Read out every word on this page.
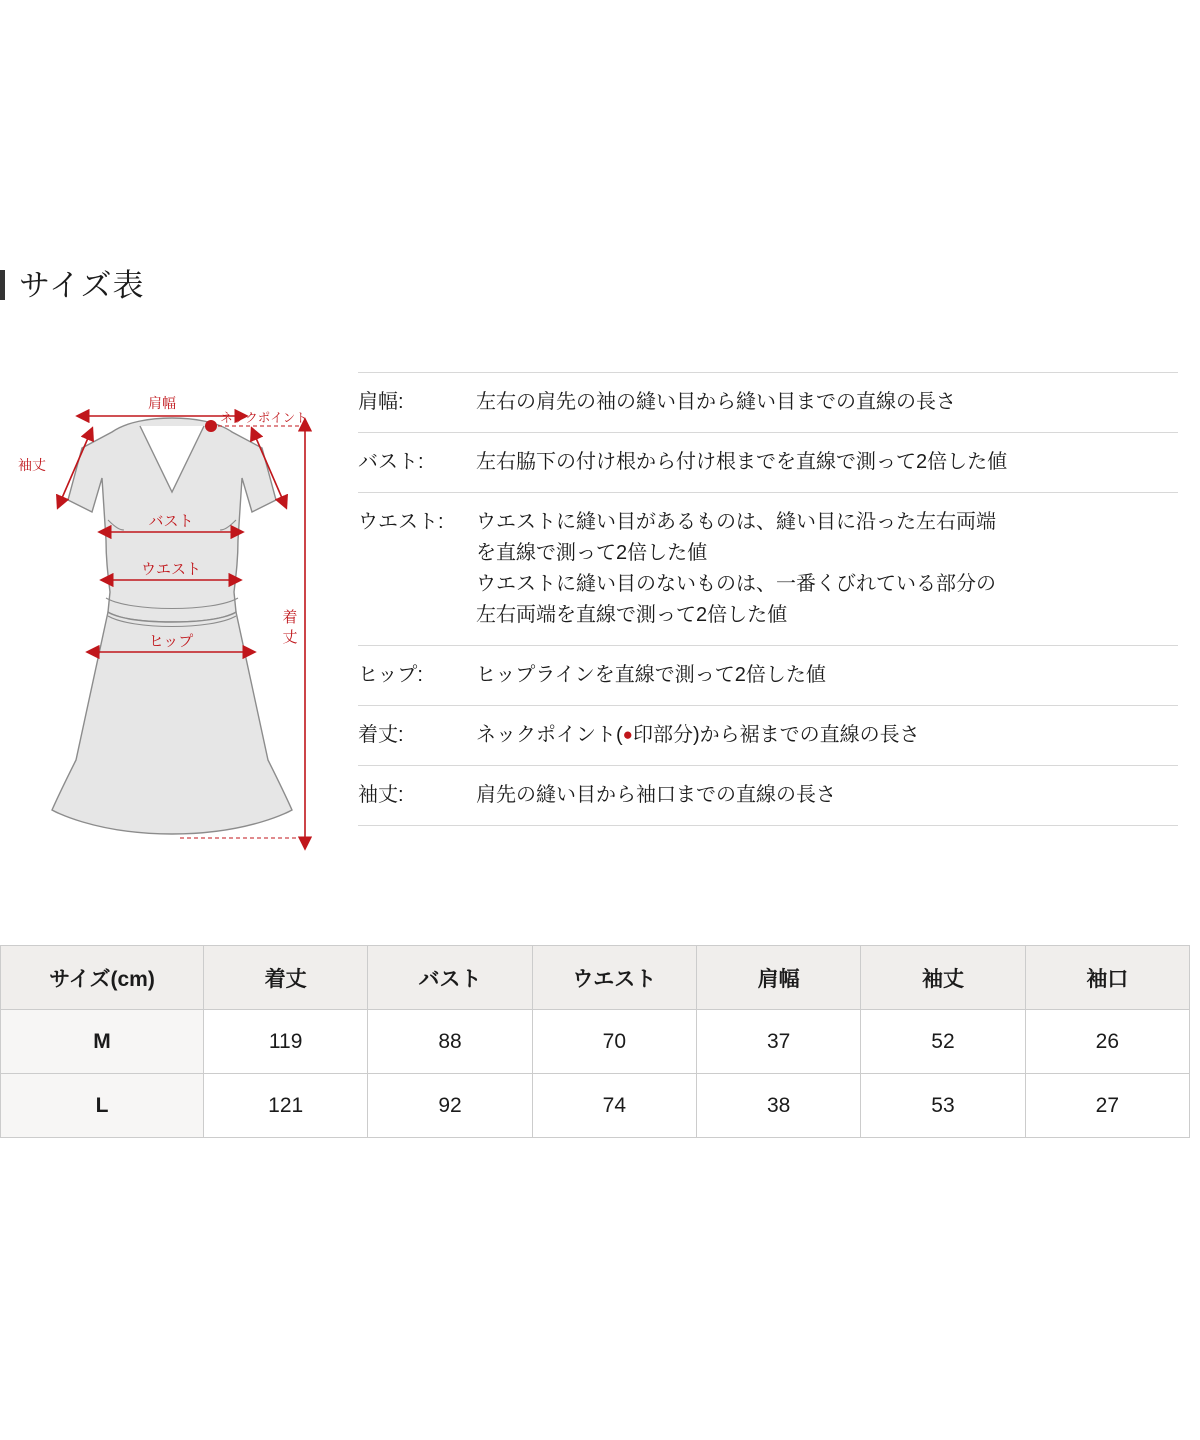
サイズ表
肩幅
ネックポイント
袖丈
バスト
ウエスト
ヒップ
着
丈
肩幅:	左右の肩先の袖の縫い目から縫い目までの直線の長さ
バスト:	左右脇下の付け根から付け根までを直線で測って2倍した値
ウエスト:	ウエストに縫い目があるものは、縫い目に沿った左右両端
を直線で測って2倍した値
ウエストに縫い目のないものは、一番くびれている部分の
左右両端を直線で測って2倍した値
ヒップ:	ヒップラインを直線で測って2倍した値
着丈:	ネックポイント(●印部分)から裾までの直線の長さ
袖丈:	肩先の縫い目から袖口までの直線の長さ
サイズ(cm)	着丈	バスト	ウエスト	肩幅	袖丈	袖口
M	119	88	70	37	52	26
L	121	92	74	38	53	27
